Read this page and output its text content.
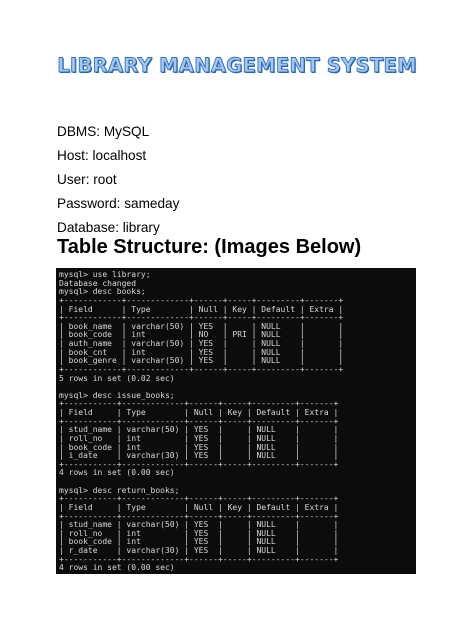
LIBRARY MANAGEMENT SYSTEM
DBMS: MySQL
Host: localhost
User: root
Password: sameday
Database: library
Table Structure: (Images Below)
mysql> use library;
Database changed
mysql> desc books;
+------------+-------------+------+-----+---------+-------+
| Field      | Type        | Null | Key | Default | Extra |
+------------+-------------+------+-----+---------+-------+
| book_name  | varchar(50) | YES  |     | NULL    |       |
| book_code  | int         | NO   | PRI | NULL    |       |
| auth_name  | varchar(50) | YES  |     | NULL    |       |
| book_cnt   | int         | YES  |     | NULL    |       |
| book_genre | varchar(50) | YES  |     | NULL    |       |
+------------+-------------+------+-----+---------+-------+
5 rows in set (0.02 sec)
mysql> desc issue_books;
+-----------+-------------+------+-----+---------+-------+
| Field     | Type        | Null | Key | Default | Extra |
+-----------+-------------+------+-----+---------+-------+
| stud_name | varchar(50) | YES  |     | NULL    |       |
| roll_no   | int         | YES  |     | NULL    |       |
| book_code | int         | YES  |     | NULL    |       |
| i_date    | varchar(30) | YES  |     | NULL    |       |
+-----------+-------------+------+-----+---------+-------+
4 rows in set (0.00 sec)
mysql> desc return_books;
+-----------+-------------+------+-----+---------+-------+
| Field     | Type        | Null | Key | Default | Extra |
+-----------+-------------+------+-----+---------+-------+
| stud_name | varchar(50) | YES  |     | NULL    |       |
| roll_no   | int         | YES  |     | NULL    |       |
| book_code | int         | YES  |     | NULL    |       |
| r_date    | varchar(30) | YES  |     | NULL    |       |
+-----------+-------------+------+-----+---------+-------+
4 rows in set (0.00 sec)
